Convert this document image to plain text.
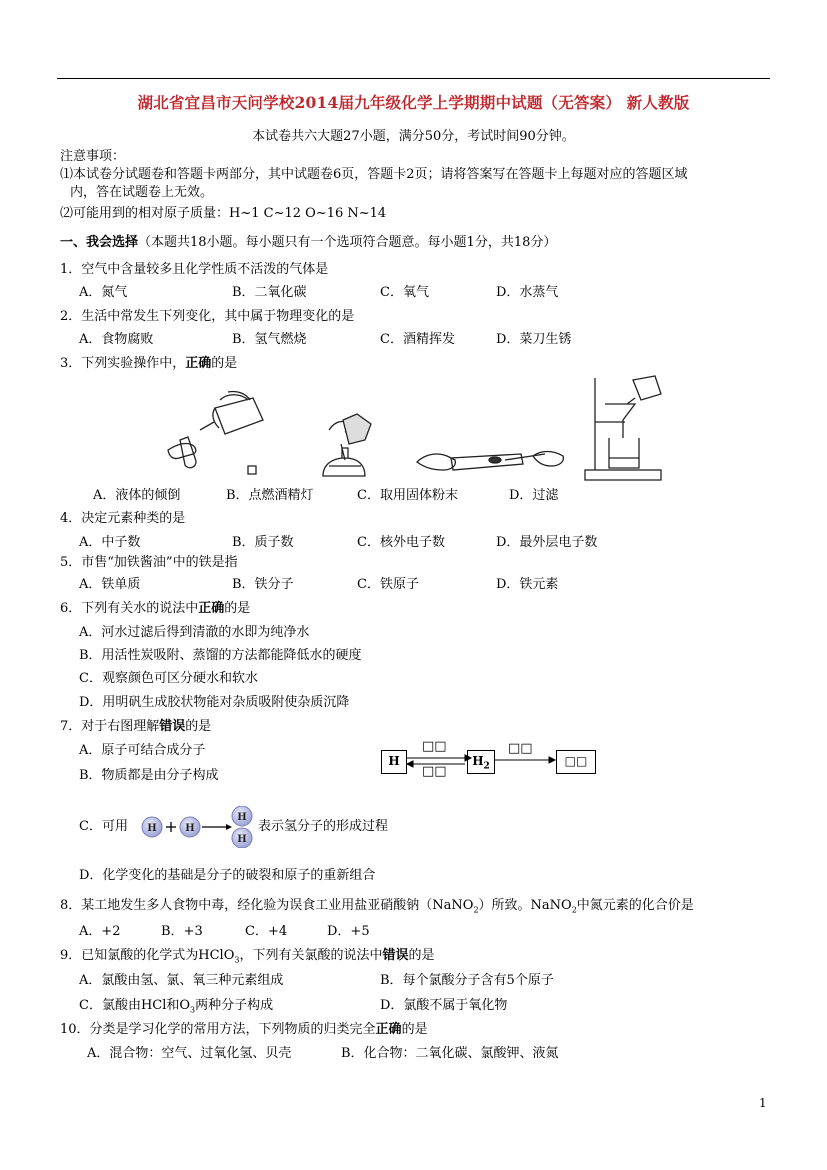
湖北省宜昌市天问学校2014届九年级化学上学期期中试题（无答案） 新人教版
本试卷共六大题27小题，满分50分，考试时间90分钟。
注意事项：
⑴本试卷分试题卷和答题卡两部分，其中试题卷6页，答题卡2页；请将答案写在答题卡上每题对应的答题区域
内，答在试题卷上无效。
⑵可能用到的相对原子质量：H~1 C~12 O~16 N~14
一、我会选择（本题共18小题。每小题只有一个选项符合题意。每小题1分，共18分）
1．空气中含量较多且化学性质不活泼的气体是
A．氮气	B．二氧化碳	C．氧气	D．水蒸气
2．生活中常发生下列变化，其中属于物理变化的是
A．食物腐败	B．氢气燃烧	C．酒精挥发	D．菜刀生锈
3．下列实验操作中，正确的是
A．液体的倾倒	B．点燃酒精灯	C．取用固体粉末	D．过滤
4．决定元素种类的是
A．中子数	B．质子数	C．核外电子数	D．最外层电子数
5．市售“加铁酱油”中的铁是指
A．铁单质	B．铁分子	C．铁原子	D．铁元素
6．下列有关水的说法中正确的是
A．河水过滤后得到清澈的水即为纯净水
B．用活性炭吸附、蒸馏的方法都能降低水的硬度
C．观察颜色可区分硬水和软水
D．用明矾生成胶状物能对杂质吸附使杂质沉降
7．对于右图理解错误的是
A．原子可结合成分子
B．物质都是由分子构成
H	$H_2$	□□
□□
□□
□□
C．可用 H	H
H
H
表示氢分子的形成过程
D．化学变化的基础是分子的破裂和原子的重新组合
8．某工地发生多人食物中毒，经化验为误食工业用盐亚硝酸钠（NaNO$_2$）所致。NaNO$_2$中氮元素的化合价是
A．+2	B．+3	C．+4	D．+5
9．已知氯酸的化学式为HClO$_3$，下列有关氯酸的说法中错误的是
A．氯酸由氢、氯、氧三种元素组成	B．每个氯酸分子含有5个原子
C．氯酸由HCl和$O_3$两种分子构成	D．氯酸不属于氧化物
10．分类是学习化学的常用方法，下列物质的归类完全正确的是
A．混合物：空气、过氧化氢、贝壳	B．化合物：二氧化碳、氯酸钾、液氮
1
